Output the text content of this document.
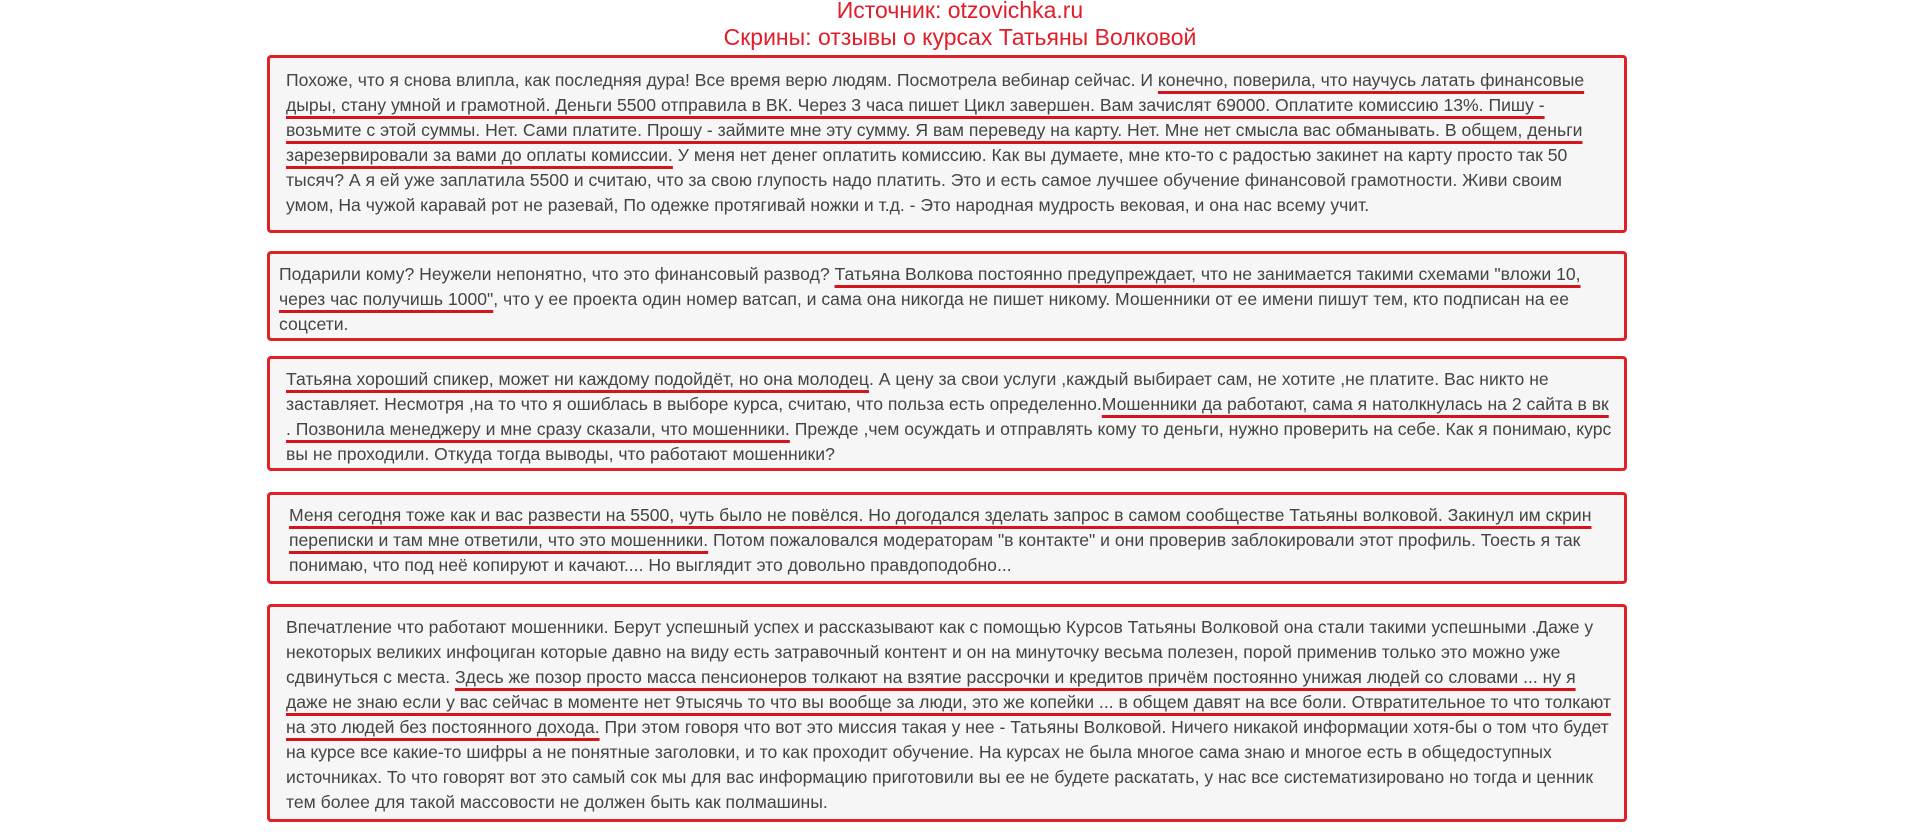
Источник: otzovichka.ru
Скрины: отзывы о курсах Татьяны Волковой

Похоже, что я снова влипла, как последняя дура! Все время верю людям. Посмотрела вебинар сейчас. И конечно, поверила, что научусь латать финансовые дыры, стану умной и грамотной. Деньги 5500 отправила в ВК. Через 3 часа пишет Цикл завершен. Вам зачислят 69000. Оплатите комиссию 13%. Пишу - возьмите с этой суммы. Нет. Сами платите. Прошу - займите мне эту сумму. Я вам переведу на карту. Нет. Мне нет смысла вас обманывать. В общем, деньги зарезервировали за вами до оплаты комиссии. У меня нет денег оплатить комиссию. Как вы думаете, мне кто-то с радостью закинет на карту просто так 50 тысяч? А я ей уже заплатила 5500 и считаю, что за свою глупость надо платить. Это и есть самое лучшее обучение финансовой грамотности. Живи своим умом, На чужой каравай рот не разевай, По одежке протягивай ножки и т.д. - Это народная мудрость вековая, и она нас всему учит.

Подарили кому? Неужели непонятно, что это финансовый развод? Татьяна Волкова постоянно предупреждает, что не занимается такими схемами "вложи 10, через час получишь 1000", что у ее проекта один номер ватсап, и сама она никогда не пишет никому. Мошенники от ее имени пишут тем, кто подписан на ее соцсети.

Татьяна хороший спикер, может ни каждому подойдёт, но она молодец. А цену за свои услуги ,каждый выбирает сам, не хотите ,не платите. Вас никто не заставляет. Несмотря ,на то что я ошиблась в выборе курса, считаю, что польза есть определенно.Мошенники да работают, сама я натолкнулась на 2 сайта в вк . Позвонила менеджеру и мне сразу сказали, что мошенники. Прежде ,чем осуждать и отправлять кому то деньги, нужно проверить на себе. Как я понимаю, курс вы не проходили. Откуда тогда выводы, что работают мошенники?

Меня сегодня тоже как и вас развести на 5500, чуть было не повёлся. Но догодался зделать запрос в самом сообществе Татьяны волковой. Закинул им скрин переписки и там мне ответили, что это мошенники. Потом пожаловался модераторам "в контакте" и они проверив заблокировали этот профиль. Тоесть я так понимаю, что под неё копируют и качают.... Но выглядит это довольно правдоподобно...

Впечатление что работают мошенники. Берут успешный успех и рассказывают как с помощью Курсов Татьяны Волковой она стали такими успешными .Даже у некоторых великих инфоциган которые давно на виду есть затравочный контент и он на минуточку весьма полезен, порой применив только это можно уже сдвинуться с места. Здесь же позор просто масса пенсионеров толкают на взятие рассрочки и кредитов причём постоянно унижая людей со словами ... ну я даже не знаю если у вас сейчас в моменте нет 9тысячь то что вы вообще за люди, это же копейки ... в общем давят на все боли. Отвратительное то что толкают на это людей без постоянного дохода. При этом говоря что вот это миссия такая у нее - Татьяны Волковой. Ничего никакой информации хотя-бы о том что будет на курсе все какие-то шифры а не понятные заголовки, и то как проходит обучение. На курсах не была многое сама знаю и многое есть в общедоступных источниках. То что говорят вот это самый сок мы для вас информацию приготовили вы ее не будете раскатать, у нас все систематизировано но тогда и ценник тем более для такой массовости не должен быть как полмашины.
